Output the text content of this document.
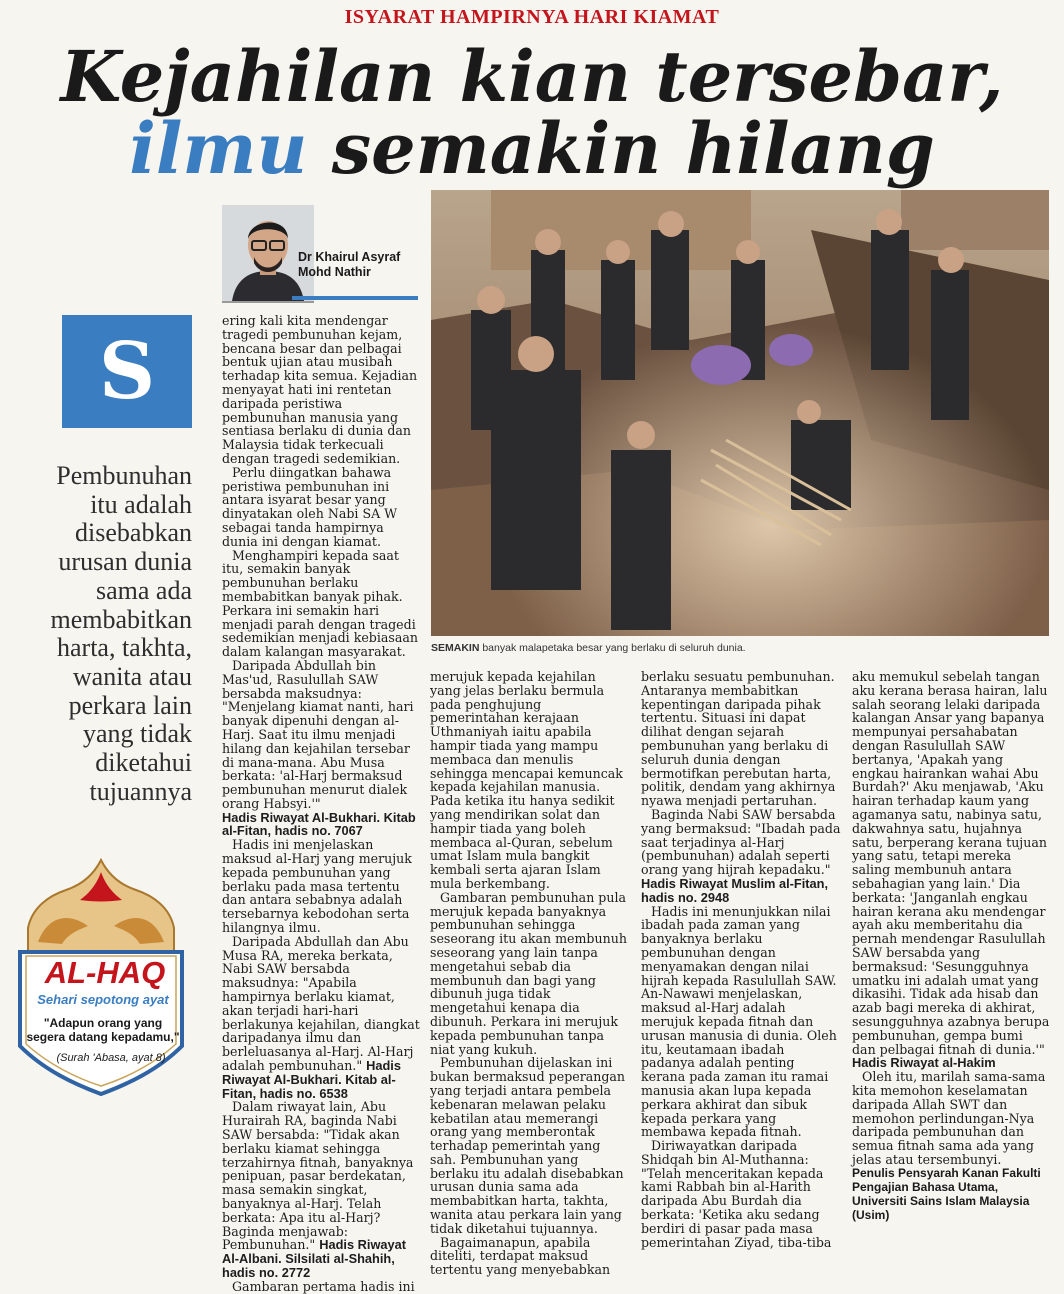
ISYARAT HAMPIRNYA HARI KIAMAT
Kejahilan kian tersebar,
ilmu semakin hilang
Dr Khairul Asyraf
Mohd Nathir
S
Pembunuhan itu adalah disebabkan urusan dunia sama ada membabitkan harta, takhta, wanita atau perkara lain yang tidak diketahui tujuannya
SEMAKIN banyak malapetaka besar yang berlaku di seluruh dunia.

ering kali kita mendengar tragedi pembunuhan kejam, bencana besar dan pelbagai bentuk ujian atau musibah terhadap kita semua. Kejadian menyayat hati ini rentetan daripada peristiwa pembunuhan manusia yang sentiasa berlaku di dunia dan Malaysia tidak terkecuali dengan tragedi sedemikian.

Perlu diingatkan bahawa peristiwa pembunuhan ini antara isyarat besar yang dinyatakan oleh Nabi SA W sebagai tanda hampirnya dunia ini dengan kiamat.

Menghampiri kepada saat itu, semakin banyak pembunuhan berlaku membabitkan banyak pihak. Perkara ini semakin hari menjadi parah dengan tragedi sedemikian menjadi kebiasaan dalam kalangan masyarakat.

Daripada Abdullah bin Mas'ud, Rasulullah SAW bersabda maksudnya: "Menjelang kiamat nanti, hari banyak dipenuhi dengan al-Harj. Saat itu ilmu menjadi hilang dan kejahilan tersebar di mana-mana. Abu Musa berkata: 'al-Harj bermaksud pembunuhan menurut dialek orang Habsyi.'"

Hadis Riwayat Al-Bukhari. Kitab al-Fitan, hadis no. 7067

Hadis ini menjelaskan maksud al-Harj yang merujuk kepada pembunuhan yang berlaku pada masa tertentu dan antara sebabnya adalah tersebarnya kebodohan serta hilangnya ilmu.

Daripada Abdullah dan Abu Musa RA, mereka berkata, Nabi SAW bersabda maksudnya: "Apabila hampirnya berlaku kiamat, akan terjadi hari-hari berlakunya kejahilan, diangkat daripadanya ilmu dan berleluasanya al-Harj. Al-Harj adalah pembunuhan." Hadis Riwayat Al-Bukhari. Kitab al-Fitan, hadis no. 6538

Dalam riwayat lain, Abu Hurairah RA, baginda Nabi SAW bersabda: "Tidak akan berlaku kiamat sehingga terzahirnya fitnah, banyaknya penipuan, pasar berdekatan, masa semakin singkat, banyaknya al-Harj. Telah berkata: Apa itu al-Harj? Baginda menjawab: Pembunuhan." Hadis Riwayat Al-Albani. Silsilati al-Shahih, hadis no. 2772

Gambaran pertama hadis ini

merujuk kepada kejahilan yang jelas berlaku bermula pada penghujung pemerintahan kerajaan Uthmaniyah iaitu apabila hampir tiada yang mampu membaca dan menulis sehingga mencapai kemuncak kepada kejahilan manusia. Pada ketika itu hanya sedikit yang mendirikan solat dan hampir tiada yang boleh membaca al-Quran, sebelum umat Islam mula bangkit kembali serta ajaran Islam mula berkembang.

Gambaran pembunuhan pula merujuk kepada banyaknya pembunuhan sehingga seseorang itu akan membunuh seseorang yang lain tanpa mengetahui sebab dia membunuh dan bagi yang dibunuh juga tidak mengetahui kenapa dia dibunuh. Perkara ini merujuk kepada pembunuhan tanpa niat yang kukuh.

Pembunuhan dijelaskan ini bukan bermaksud peperangan yang terjadi antara pembela kebenaran melawan pelaku kebatilan atau memerangi orang yang memberontak terhadap pemerintah yang sah. Pembunuhan yang berlaku itu adalah disebabkan urusan dunia sama ada membabitkan harta, takhta, wanita atau perkara lain yang tidak diketahui tujuannya.

Bagaimanapun, apabila diteliti, terdapat maksud tertentu yang menyebabkan

berlaku sesuatu pembunuhan. Antaranya membabitkan kepentingan daripada pihak tertentu. Situasi ini dapat dilihat dengan sejarah pembunuhan yang berlaku di seluruh dunia dengan bermotifkan perebutan harta, politik, dendam yang akhirnya nyawa menjadi pertaruhan.

Baginda Nabi SAW bersabda yang bermaksud: "Ibadah pada saat terjadinya al-Harj (pembunuhan) adalah seperti orang yang hijrah kepadaku."

Hadis Riwayat Muslim al-Fitan, hadis no. 2948

Hadis ini menunjukkan nilai ibadah pada zaman yang banyaknya berlaku pembunuhan dengan menyamakan dengan nilai hijrah kepada Rasulullah SAW. An-Nawawi menjelaskan, maksud al-Harj adalah merujuk kepada fitnah dan urusan manusia di dunia. Oleh itu, keutamaan ibadah padanya adalah penting kerana pada zaman itu ramai manusia akan lupa kepada perkara akhirat dan sibuk kepada perkara yang membawa kepada fitnah.

Diriwayatkan daripada Shidqah bin Al-Muthanna: "Telah menceritakan kepada kami Rabbah bin al-Harith daripada Abu Burdah dia berkata: 'Ketika aku sedang berdiri di pasar pada masa pemerintahan Ziyad, tiba-tiba

aku memukul sebelah tangan aku kerana berasa hairan, lalu salah seorang lelaki daripada kalangan Ansar yang bapanya mempunyai persahabatan dengan Rasulullah SAW bertanya, 'Apakah yang engkau hairankan wahai Abu Burdah?' Aku menjawab, 'Aku hairan terhadap kaum yang agamanya satu, nabinya satu, dakwahnya satu, hujahnya satu, berperang kerana tujuan yang satu, tetapi mereka saling membunuh antara sebahagian yang lain.' Dia berkata: 'Janganlah engkau hairan kerana aku mendengar ayah aku memberitahu dia pernah mendengar Rasulullah SAW bersabda yang bermaksud: 'Sesungguhnya umatku ini adalah umat yang dikasihi. Tidak ada hisab dan azab bagi mereka di akhirat, sesungguhnya azabnya berupa pembunuhan, gempa bumi dan pelbagai fitnah di dunia.'" Hadis Riwayat al-Hakim

Oleh itu, marilah sama-sama kita memohon keselamatan daripada Allah SWT dan memohon perlindungan-Nya daripada pembunuhan dan semua fitnah sama ada yang jelas atau tersembunyi.

Penulis Pensyarah Kanan Fakulti Pengajian Bahasa Utama, Universiti Sains Islam Malaysia (Usim)
AL-HAQ
Sehari sepotong ayat
"Adapun orang yang segera datang kepadamu,"
(Surah 'Abasa, ayat 8)
